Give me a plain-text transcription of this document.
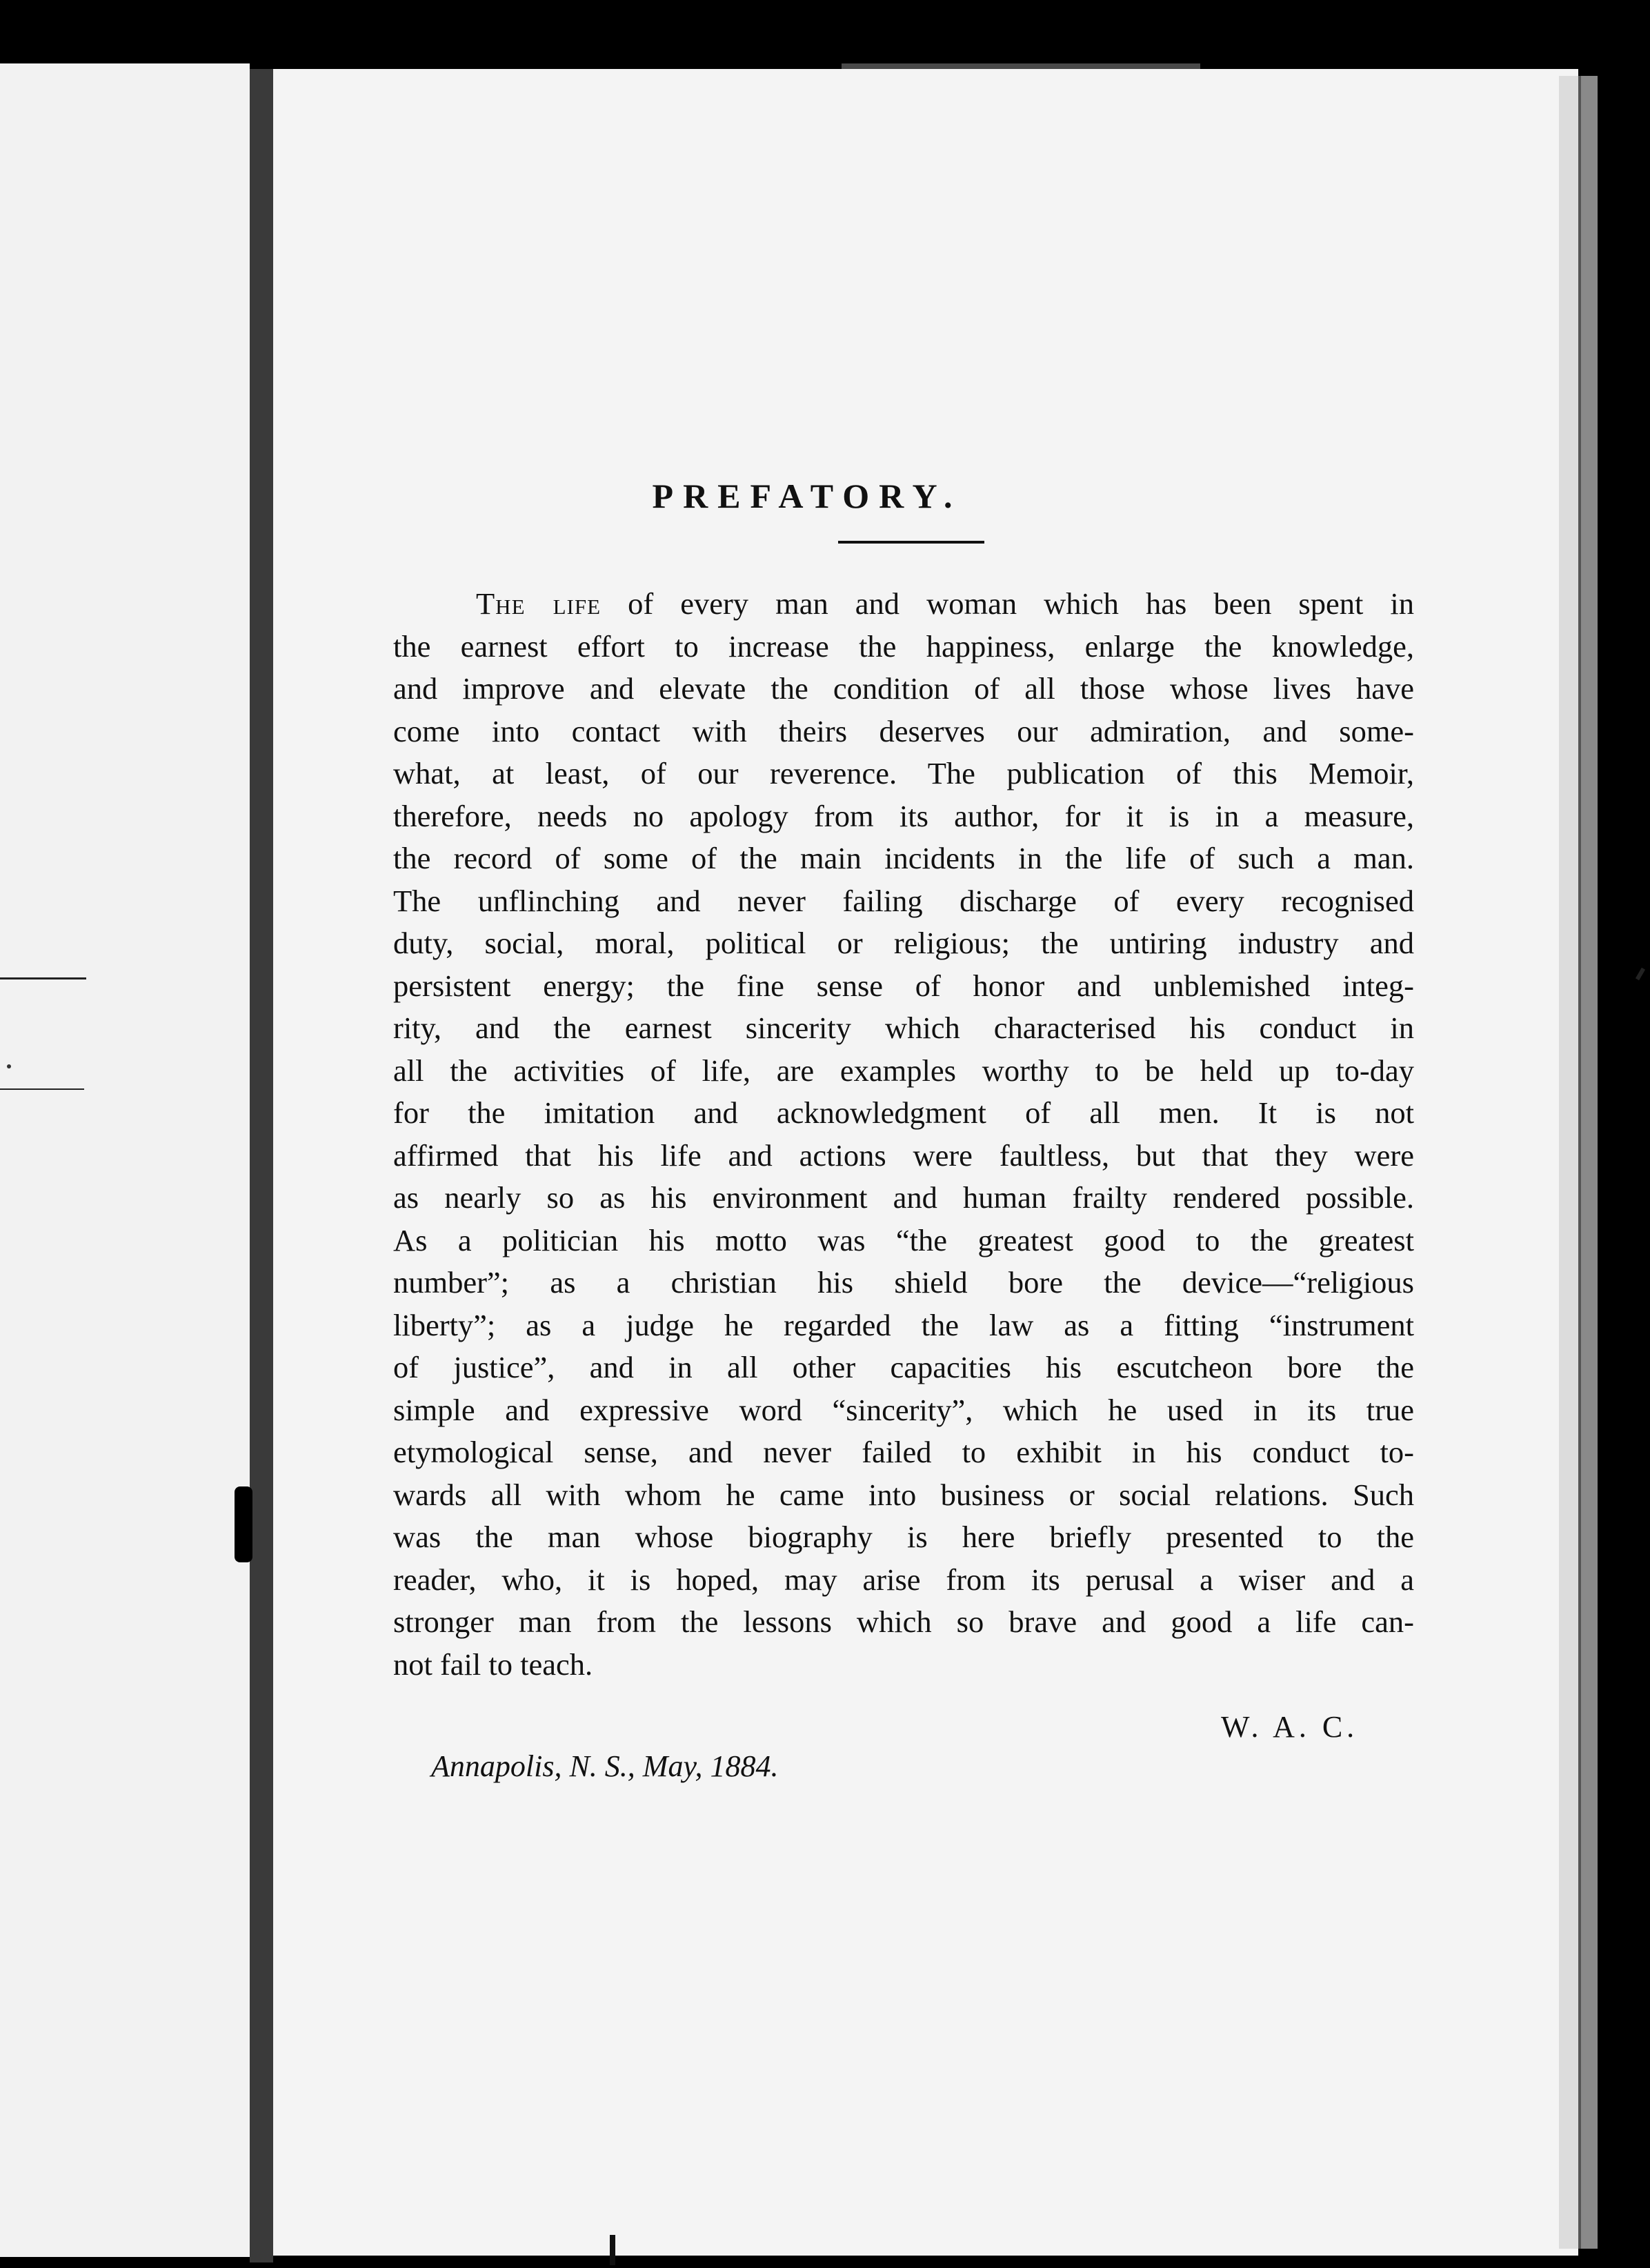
PREFATORY.
The life of every man and woman which has been spent in
the earnest effort to increase the happiness, enlarge the knowledge,
and improve and elevate the condition of all those whose lives have
come into contact with theirs deserves our admiration, and some-
what, at least, of our reverence. The publication of this Memoir,
therefore, needs no apology from its author, for it is in a measure,
the record of some of the main incidents in the life of such a man.
The unflinching and never failing discharge of every recognised
duty, social, moral, political or religious; the untiring industry and
persistent energy; the fine sense of honor and unblemished integ-
rity, and the earnest sincerity which characterised his conduct in
all the activities of life, are examples worthy to be held up to-day
for the imitation and acknowledgment of all men. It is not
affirmed that his life and actions were faultless, but that they were
as nearly so as his environment and human frailty rendered possible.
As a politician his motto was “the greatest good to the greatest
number”; as a christian his shield bore the device—“religious
liberty”; as a judge he regarded the law as a fitting “instrument
of justice”, and in all other capacities his escutcheon bore the
simple and expressive word “sincerity”, which he used in its true
etymological sense, and never failed to exhibit in his conduct to-
wards all with whom he came into business or social relations. Such
was the man whose biography is here briefly presented to the
reader, who, it is hoped, may arise from its perusal a wiser and a
stronger man from the lessons which so brave and good a life can-
not fail to teach.

W. A. C.

Annapolis, N. S., May, 1884.
